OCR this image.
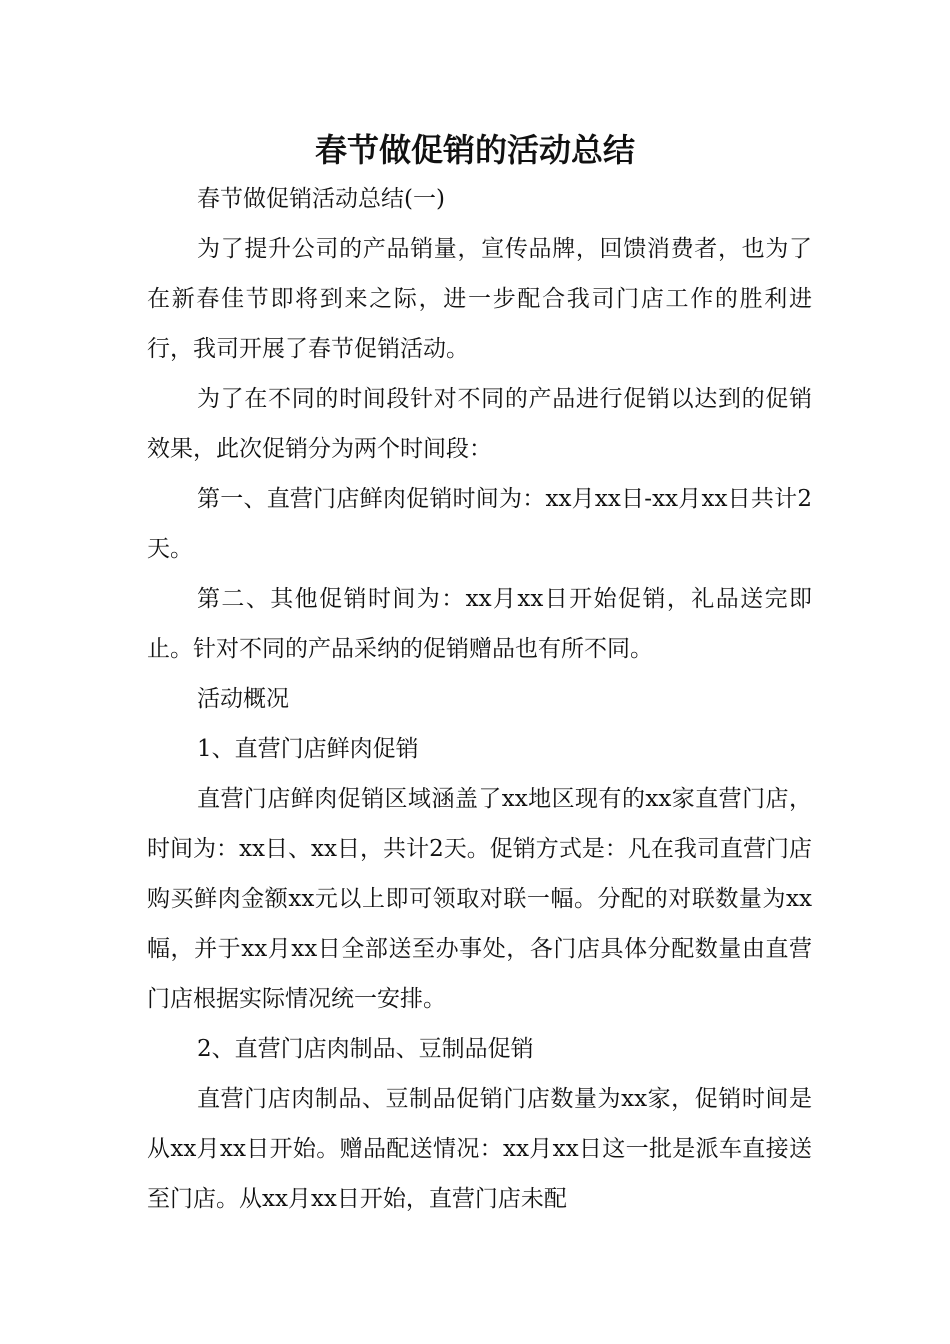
春节做促销的活动总结

春节做促销活动总结(一)

为了提升公司的产品销量，宣传品牌，回馈消费者，也为了在新春佳节即将到来之际，进一步配合我司门店工作的胜利进行，我司开展了春节促销活动。

为了在不同的时间段针对不同的产品进行促销以达到的促销效果，此次促销分为两个时间段：

第一、直营门店鲜肉促销时间为：xx月xx日-xx月xx日共计2天。

第二、其他促销时间为：xx月xx日开始促销，礼品送完即止。针对不同的产品采纳的促销赠品也有所不同。

活动概况

1、直营门店鲜肉促销

直营门店鲜肉促销区域涵盖了xx地区现有的xx家直营门店，时间为：xx日、xx日，共计2天。促销方式是：凡在我司直营门店购买鲜肉金额xx元以上即可领取对联一幅。分配的对联数量为xx幅，并于xx月xx日全部送至办事处，各门店具体分配数量由直营门店根据实际情况统一安排。

2、直营门店肉制品、豆制品促销

直营门店肉制品、豆制品促销门店数量为xx家，促销时间是从xx月xx日开始。赠品配送情况：xx月xx日这一批是派车直接送至门店。从xx月xx日开始，直营门店未配
